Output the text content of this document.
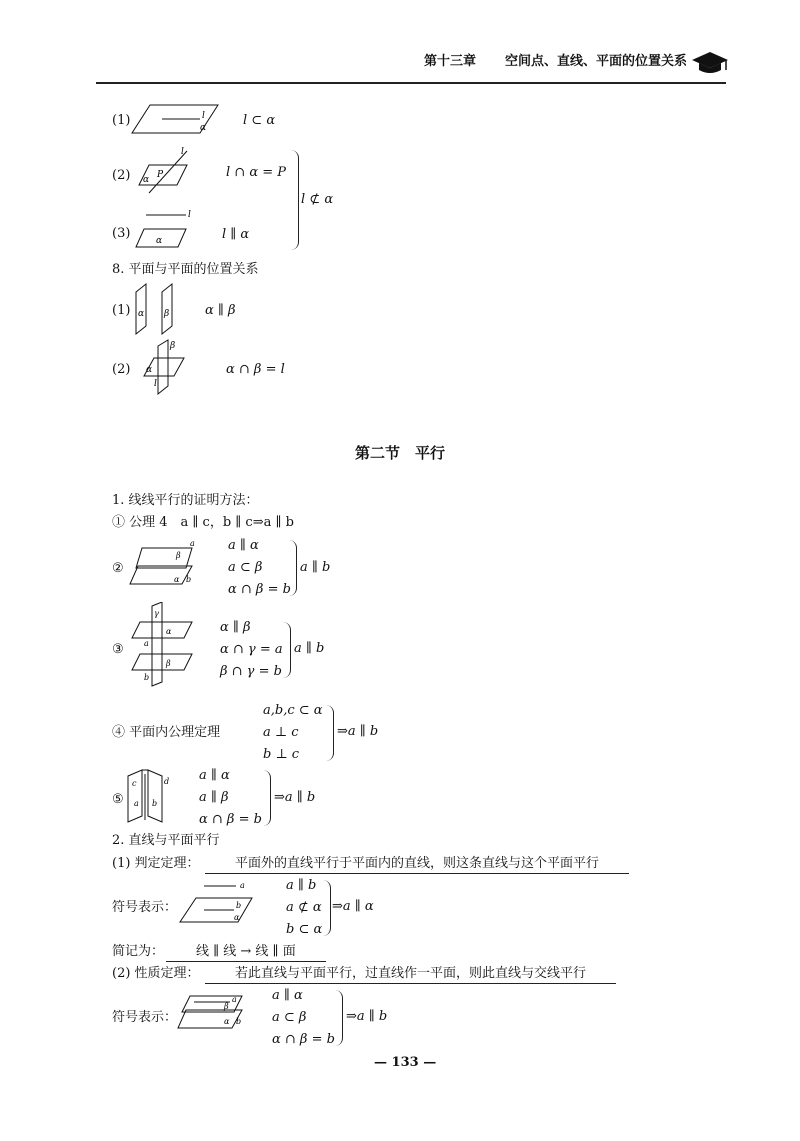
第十三章 空间点、直线、平面的位置关系
(1)	l
α	l ⊂ α
(2)
l
α P	l ∩ α = P
(3)
l
α	l ∥ α
l ⊄ α
8. 平面与平面的位置关系
(1) α β	α ∥ β
(2) α
β
l
α ∩ β = l
第二节　平行
1. 线线平行的证明方法：
① 公理 4　a ∥ c，b ∥ c⇒a ∥ b
②
a
β
α b
a ∥ α
a ⊂ β
α ∩ β = b
a ∥ b
③
α
β
γ
a
b
α ∥ β
α ∩ γ = a
β ∩ γ = b
a ∥ b
④ 平面内公理定理
a,b,c ⊂ α
a ⊥ c
b ⊥ c
⇒a ∥ b
⑤
c	d
a b
a ∥ α
a ∥ β
α ∩ β = b
⇒a ∥ b
2. 直线与平面平行
(1) 判定定理：	平面外的直线平行于平面内的直线，则这条直线与这个平面平行
符号表示：
a
b
α
a ∥ b
a ⊄ α
b ⊂ α
⇒a ∥ α
简记为：	线 ∥ 线 → 线 ∥ 面
(2) 性质定理：	若此直线与平面平行，过直线作一平面，则此直线与交线平行
符号表示：
a
β
α b
a ∥ α
a ⊂ β
α ∩ β = b
⇒a ∥ b
— 133 —
